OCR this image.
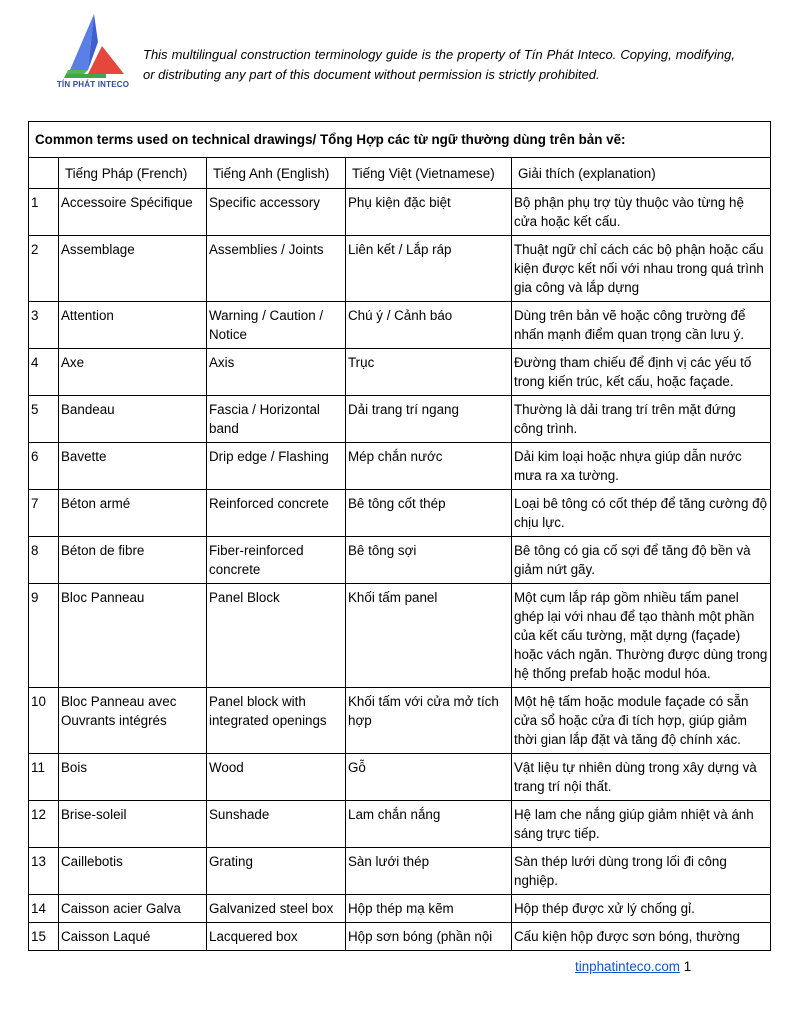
TÍN PHÁT INTECO
This multilingual construction terminology guide is the property of Tín Phát Inteco. Copying, modifying, or distributing any part of this document without permission is strictly prohibited.
Common terms used on technical drawings/ Tổng Hợp các từ ngữ thường dùng trên bản vẽ:				
	Tiếng Pháp (French)	Tiếng Anh (English)	Tiếng Việt (Vietnamese)	Giải thích (explanation)
1	Accessoire Spécifique	Specific accessory	Phụ kiện đặc biệt	Bộ phận phụ trợ tùy thuộc vào từng hệ cửa hoặc kết cấu.
2	Assemblage	Assemblies / Joints	Liên kết / Lắp ráp	Thuật ngữ chỉ cách các bộ phận hoặc cấu kiện được kết nối với nhau trong quá trình gia công và lắp dựng
3	Attention	Warning / Caution / Notice	Chú ý / Cảnh báo	Dùng trên bản vẽ hoặc công trường để nhấn mạnh điểm quan trọng cần lưu ý.
4	Axe	Axis	Trục	Đường tham chiếu để định vị các yếu tố trong kiến trúc, kết cấu, hoặc façade.
5	Bandeau	Fascia / Horizontal band	Dải trang trí ngang	Thường là dải trang trí trên mặt đứng công trình.
6	Bavette	Drip edge / Flashing	Mép chắn nước	Dải kim loại hoặc nhựa giúp dẫn nước mưa ra xa tường.
7	Béton armé	Reinforced concrete	Bê tông cốt thép	Loại bê tông có cốt thép để tăng cường độ chịu lực.
8	Béton de fibre	Fiber-reinforced concrete	Bê tông sợi	Bê tông có gia cố sợi để tăng độ bền và giảm nứt gãy.
9	Bloc Panneau	Panel Block	Khối tấm panel	Một cụm lắp ráp gồm nhiều tấm panel ghép lại với nhau để tạo thành một phần của kết cấu tường, mặt dựng (façade) hoặc vách ngăn. Thường được dùng trong hệ thống prefab hoặc modul hóa.
10	Bloc Panneau avec Ouvrants intégrés	Panel block with integrated openings	Khối tấm với cửa mở tích hợp	Một hệ tấm hoặc module façade có sẵn cửa sổ hoặc cửa đi tích hợp, giúp giảm thời gian lắp đặt và tăng độ chính xác.
11	Bois	Wood	Gỗ	Vật liệu tự nhiên dùng trong xây dựng và trang trí nội thất.
12	Brise-soleil	Sunshade	Lam chắn nắng	Hệ lam che nắng giúp giảm nhiệt và ánh sáng trực tiếp.
13	Caillebotis	Grating	Sàn lưới thép	Sàn thép lưới dùng trong lối đi công nghiệp.
14	Caisson acier Galva	Galvanized steel box	Hộp thép mạ kẽm	Hộp thép được xử lý chống gỉ.
15	Caisson Laqué	Lacquered box	Hộp sơn bóng (phần nội	Cấu kiện hộp được sơn bóng, thường
tinphatinteco.com 1
